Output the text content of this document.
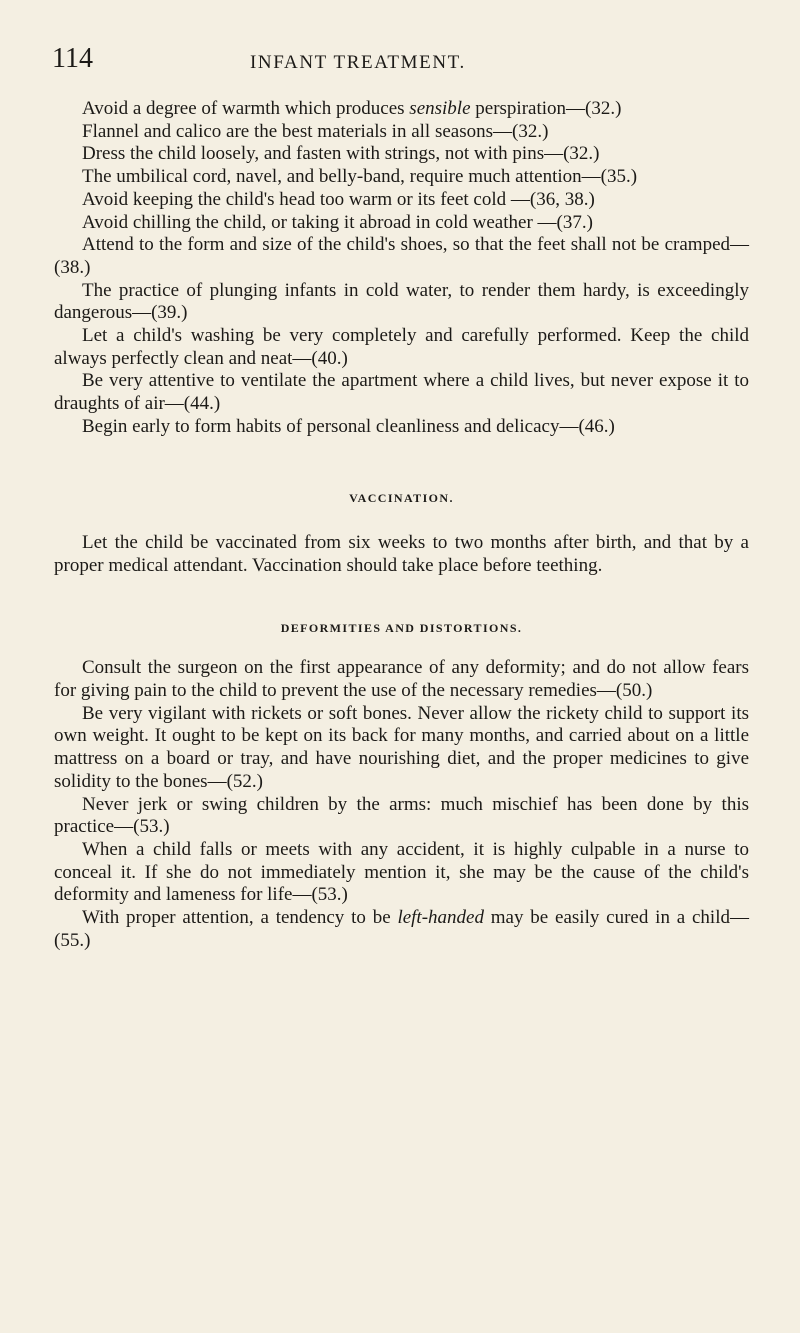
114	INFANT TREATMENT.

Avoid a degree of warmth which produces sensible perspiration—(32.)

Flannel and calico are the best materials in all seasons—(32.)

Dress the child loosely, and fasten with strings, not with pins—(32.)

The umbilical cord, navel, and belly-band, require much attention—(35.)

Avoid keeping the child's head too warm or its feet cold —(36, 38.)

Avoid chilling the child, or taking it abroad in cold weather —(37.)

Attend to the form and size of the child's shoes, so that the feet shall not be cramped—(38.)

The practice of plunging infants in cold water, to render them hardy, is exceedingly dangerous—(39.)

Let a child's washing be very completely and carefully performed. Keep the child always perfectly clean and neat—(40.)

Be very attentive to ventilate the apartment where a child lives, but never expose it to draughts of air—(44.)

Begin early to form habits of personal cleanliness and delicacy—(46.)

VACCINATION.

Let the child be vaccinated from six weeks to two months after birth, and that by a proper medical attendant. Vaccination should take place before teething.

DEFORMITIES AND DISTORTIONS.

Consult the surgeon on the first appearance of any deformity; and do not allow fears for giving pain to the child to prevent the use of the necessary remedies—(50.)

Be very vigilant with rickets or soft bones. Never allow the rickety child to support its own weight. It ought to be kept on its back for many months, and carried about on a little mattress on a board or tray, and have nourishing diet, and the proper medicines to give solidity to the bones—(52.)

Never jerk or swing children by the arms: much mischief has been done by this practice—(53.)

When a child falls or meets with any accident, it is highly culpable in a nurse to conceal it. If she do not immediately mention it, she may be the cause of the child's deformity and lameness for life—(53.)

With proper attention, a tendency to be left-handed may be easily cured in a child—(55.)
